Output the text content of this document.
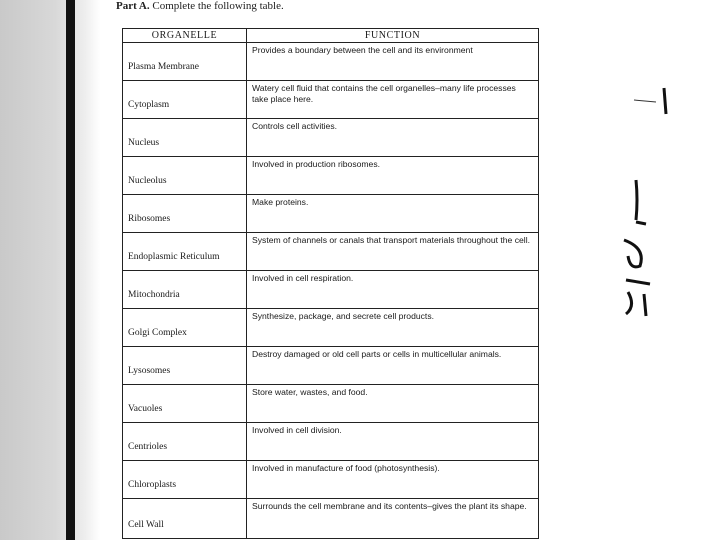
Part A. Complete the following table.
ORGANELLE	FUNCTION
Plasma Membrane	Provides a boundary between the cell and its environment
Cytoplasm	Watery cell fluid that contains the cell organelles–many life processes take place here.
Nucleus	Controls cell activities.
Nucleolus	Involved in production ribosomes.
Ribosomes	Make proteins.
Endoplasmic Reticulum	System of channels or canals that transport materials throughout the cell.
Mitochondria	Involved in cell respiration.
Golgi Complex	Synthesize, package, and secrete cell products.
Lysosomes	Destroy damaged or old cell parts or cells in multicellular animals.
Vacuoles	Store water, wastes, and food.
Centrioles	Involved in cell division.
Chloroplasts	Involved in manufacture of food (photosynthesis).
Cell Wall	Surrounds the cell membrane and its contents–gives the plant its shape.
